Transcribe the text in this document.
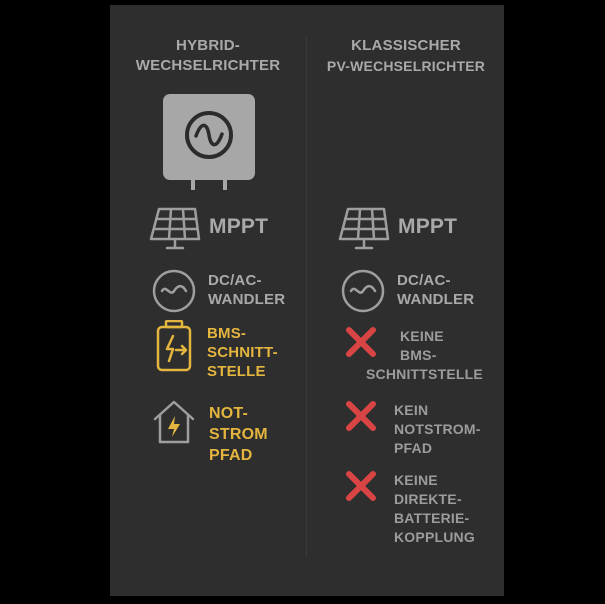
HYBRID-
WECHSELRICHTER
MPPT
DC/AC-
WANDLER
BMS-
SCHNITT-
STELLE
NOT-
STROM
PFAD
KLASSISCHER
PV-WECHSELRICHTER
MPPT
DC/AC-
WANDLER
KEINE
BMS-
SCHNITTSTELLE
KEIN
NOTSTROM-
PFAD
KEINE
DIREKTE-
BATTERIE-
KOPPLUNG
